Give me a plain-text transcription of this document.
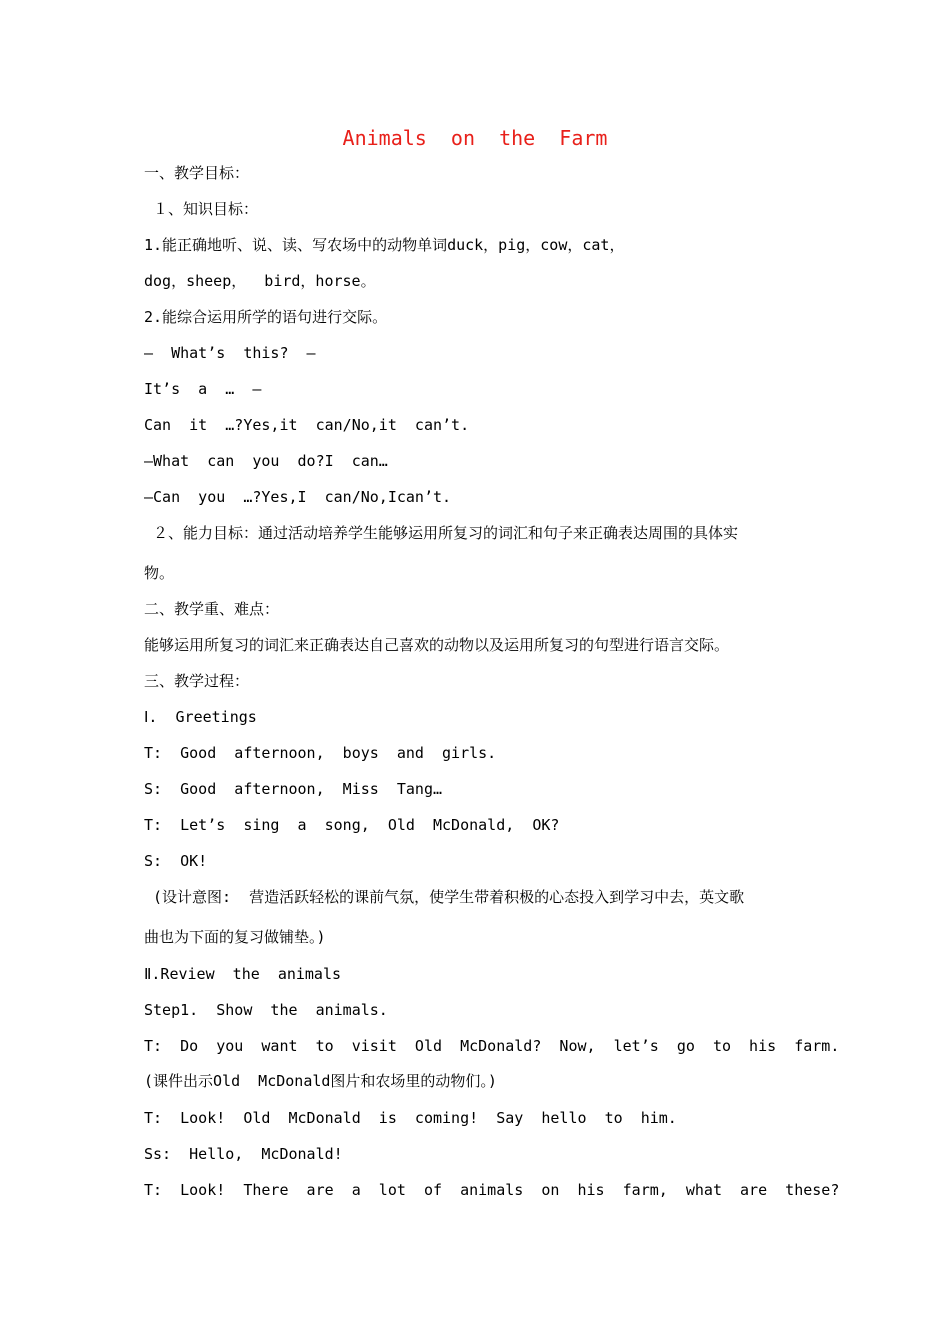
Animals  on  the  Farm
一、教学目标：
１、知识目标：
1.能正确地听、说、读、写农场中的动物单词duck，pig，cow，cat，
dog，sheep，  bird，horse。
2.能综合运用所学的语句进行交际。
—  What’s  this?  —
It’s  a  …  —
Can  it  …?Yes,it  can/No,it  can’t.
—What  can  you  do?I  can…
—Can  you  …?Yes,I  can/No,Ican’t.
２、能力目标：通过活动培养学生能够运用所复习的词汇和句子来正确表达周围的具体实
物。
二、教学重、难点：
能够运用所复习的词汇来正确表达自己喜欢的动物以及运用所复习的句型进行语言交际。
三、教学过程：
Ⅰ.  Greetings
T:  Good  afternoon,  boys  and  girls.
S:  Good  afternoon,  Miss  Tang…
T:  Let’s  sing  a  song,  Old  McDonald,  OK?
S:  OK!
(设计意图:  营造活跃轻松的课前气氛，使学生带着积极的心态投入到学习中去，英文歌
曲也为下面的复习做铺垫。)
Ⅱ.Review  the  animals
Step1.  Show  the  animals.
T:  Do  you  want  to  visit  Old  McDonald?  Now,  let’s  go  to  his  farm.
(课件出示Old  McDonald图片和农场里的动物们。)
T:  Look!  Old  McDonald  is  coming!  Say  hello  to  him.
Ss:  Hello,  McDonald!
T:  Look!  There  are  a  lot  of  animals  on  his  farm,  what  are  these?
